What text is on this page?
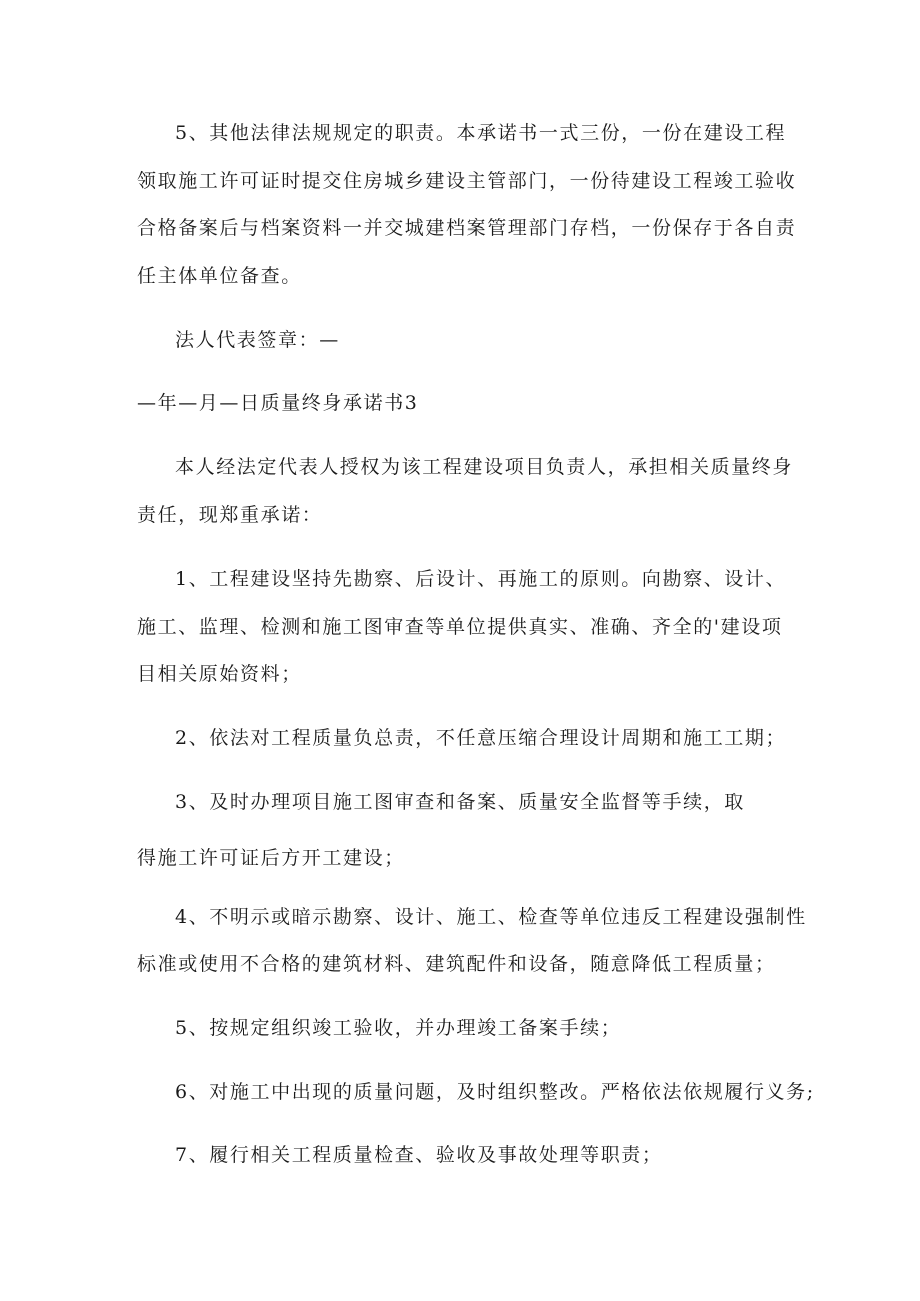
5、其他法律法规规定的职责。本承诺书一式三份，一份在建设工程
领取施工许可证时提交住房城乡建设主管部门，一份待建设工程竣工验收
合格备案后与档案资料一并交城建档案管理部门存档，一份保存于各自责
任主体单位备查。
法人代表签章：—
—年—月—日质量终身承诺书3
本人经法定代表人授权为该工程建设项目负责人，承担相关质量终身
责任，现郑重承诺：
1、工程建设坚持先勘察、后设计、再施工的原则。向勘察、设计、
施工、监理、检测和施工图审查等单位提供真实、准确、齐全的'建设项
目相关原始资料；
2、依法对工程质量负总责，不任意压缩合理设计周期和施工工期；
3、及时办理项目施工图审查和备案、质量安全监督等手续，取
得施工许可证后方开工建设；
4、不明示或暗示勘察、设计、施工、检查等单位违反工程建设强制性
标准或使用不合格的建筑材料、建筑配件和设备，随意降低工程质量；
5、按规定组织竣工验收，并办理竣工备案手续；
6、对施工中出现的质量问题，及时组织整改。严格依法依规履行义务;
7、履行相关工程质量检查、验收及事故处理等职责；
